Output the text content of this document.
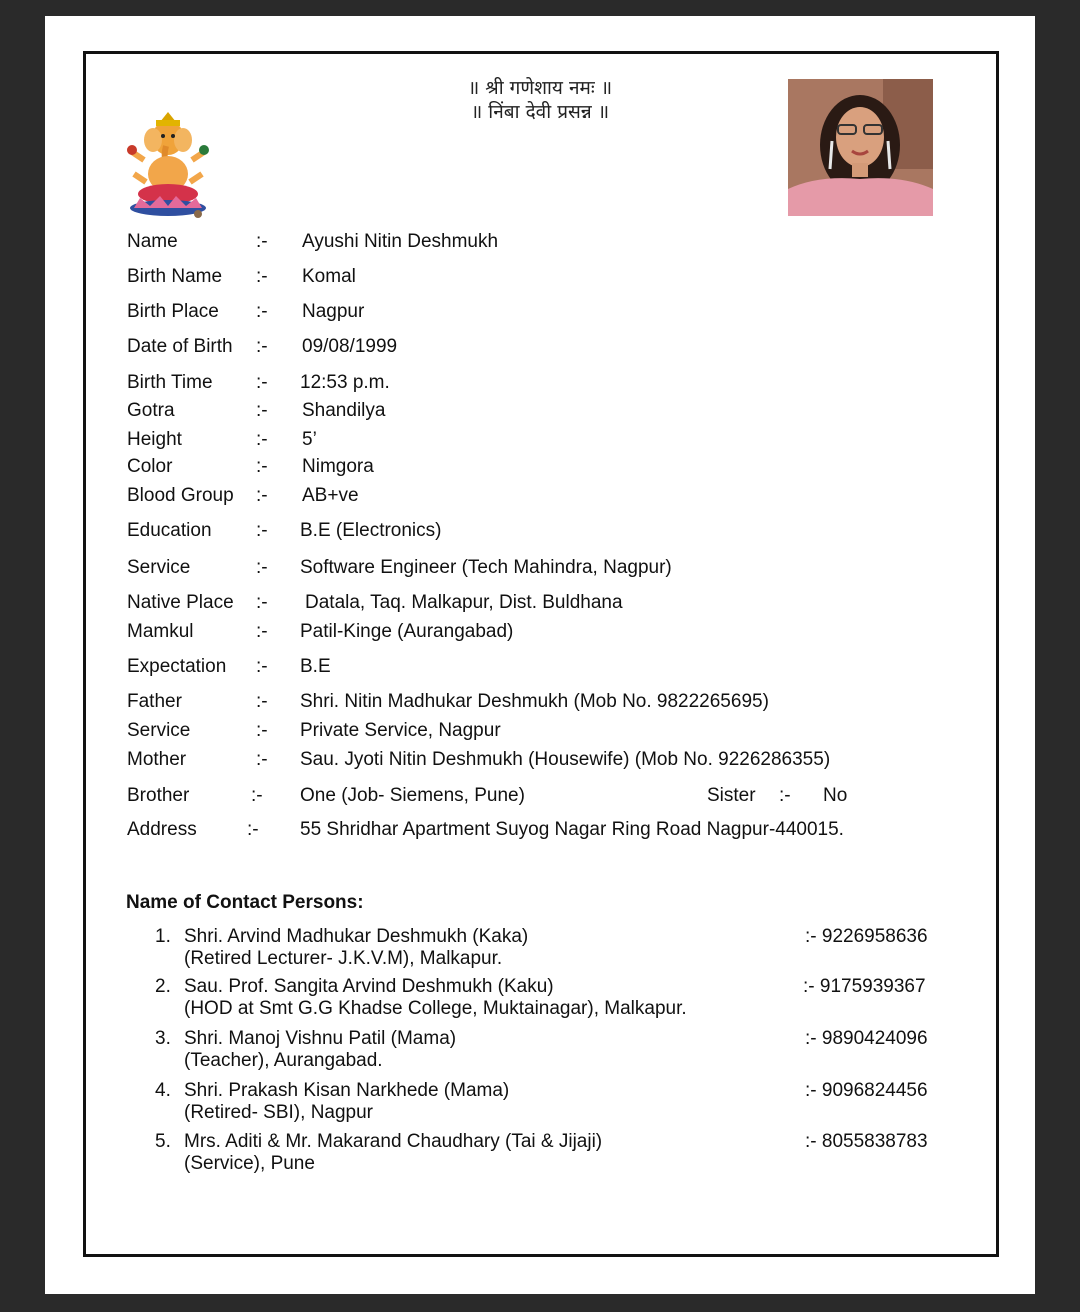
॥ श्री गणेशाय नमः ॥
॥ निंबा देवी प्रसन्न ॥
Name	:- Ayushi Nitin Deshmukh
Birth Name :- Komal
Birth Place :- Nagpur
Date of Birth :- 09/08/1999
Birth Time :- 12:53 p.m.
Gotra	:- Shandilya
Height	:- 5’
Color	:- Nimgora
Blood Group :- AB+ve
Education :- B.E (Electronics)
Service	:- Software Engineer (Tech Mahindra, Nagpur)
Native Place :- Datala, Taq. Malkapur, Dist. Buldhana
Mamkul	:- Patil-Kinge (Aurangabad)
Expectation :- B.E
Father	:- Shri. Nitin Madhukar Deshmukh (Mob No. 9822265695)
Service	:- Private Service, Nagpur
Mother	:- Sau. Jyoti Nitin Deshmukh (Housewife) (Mob No. 9226286355)
Brother	:- One (Job- Siemens, Pune)	Sister :- No
Address	:- 55 Shridhar Apartment Suyog Nagar Ring Road Nagpur-440015.
Name of Contact Persons:
1. Shri. Arvind Madhukar Deshmukh (Kaka)
(Retired Lecturer- J.K.V.M), Malkapur.
:- 9226958636
2. Sau. Prof. Sangita Arvind Deshmukh (Kaku)
(HOD at Smt G.G Khadse College, Muktainagar), Malkapur.
:- 9175939367
3. Shri. Manoj Vishnu Patil (Mama)
(Teacher), Aurangabad.
:- 9890424096
4. Shri. Prakash Kisan Narkhede (Mama)
(Retired- SBI), Nagpur
:- 9096824456
5. Mrs. Aditi & Mr. Makarand Chaudhary (Tai & Jijaji)
(Service), Pune
:- 8055838783
